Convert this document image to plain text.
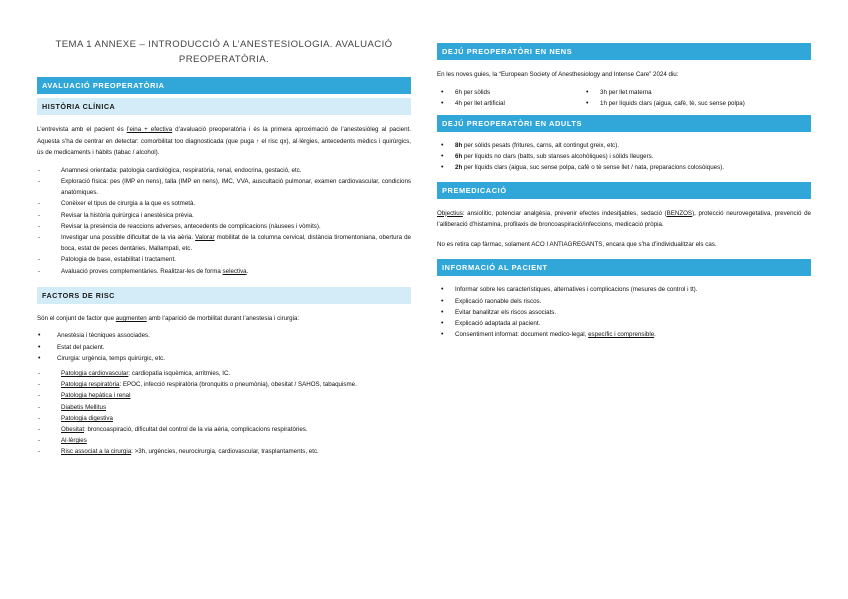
TEMA 1 ANNEXE – INTRODUCCIÓ A L’ANESTESIOLOGIA. AVALUACIÓ PREOPERATÒRIA.
AVALUACIÓ PREOPERATÒRIA
HISTÒRIA CLÍNICA

L’entrevista amb el pacient és l’eina + efectiva d’avaluació preoperatòria i és la primera aproximació de l’anestesiòleg al pacient. Aquesta s’ha de centrar en detectar: comorbilitat too diagnosticada (que puga ↑ el risc qx), al·lèrgies, antecedents mèdics i quirúrgics, ús de medicaments i hàbits (tabac / alcohol).

- Anamnesi orientada: patologia cardiològica, respiratòria, renal, endocrina, gestació, etc.
- Exploració física: pes (IMP en nens), talla (IMP en nens), IMC, VVA, auscultació pulmonar, examen cardiovascular, condicions anatòmiques.
- Conèixer el tipus de cirurgia a la que es sotmetà.
- Revisar la història quirúrgica i anestèsica prèvia.
- Revisar la presència de reaccions adverses, antecedents de complicacions (nàusees i vòmits).
- Investigar una possible dificultat de la via aèria. Valorar mobilitat de la columna cervical, distància tiromentoniana, obertura de boca, estat de peces dentàries, Mallampati, etc.
- Patologia de base, estabilitat i tractament.
- Avaluació proves complementàries. Realitzar-les de forma selectiva.
FACTORS DE RISC

Són el conjunt de factor que augmenten amb l’aparició de morbilitat durant l’anestesia i cirurgia:

• Anestèsia i tècniques associades.
• Estat del pacient.
• Cirurgia: urgència, temps quirúrgic, etc.
- Patologia cardiovascular: cardiopatia isquèmica, arritmies, IC.
- Patologia respiratòria: EPOC, infecció respiratòria (bronquitis o pneumònia), obesitat / SAHOS, tabaquisme.
- Patologia hepàtica i renal
- Diabetis Mellitus
- Patologia digestiva
- Obesitat: broncoaspiració, dificultat del control de la via aèria, complicacions respiratòries.
- Al·lèrgies
- Risc associat a la cirurgia: >3h, urgències, neurocirurgia, cardiovascular, trasplantaments, etc.
DEJÚ PREOPERATÒRI EN NENS

En les noves guies, la “European Society of Anesthesiology and Intense Care” 2024 diu:

• 6h per sòlids
• 4h per llet artificial
• 3h per llet materna
• 1h per líquids clars (aigua, cafè, tè, suc sense polpa)
DEJÚ PREOPERATÒRI EN ADULTS
• 8h per sòlids pesats (fritures, carns, alt contingut greix, etc).
• 6h per líquids no clars (batts, sub stanses alcohòliques) i sòlids lleugers.
• 2h per líquids clars (aigua, suc sense polpa, cafè o tè sense llet / nata, preparacions colosòiques).
PREMEDICACIÓ

Objectius: ansiolític, potenciar analgèsia, prevenir efectes indesitjables, sedació (BENZOS), protecció neurovegetativa, prevenció de l’alliberació d’histamina, profilaxis de broncoaspiració/infeccions, medicació pròpia.

No es retira cap fàrmac, solament ACO I ANTIAGREGANTS, encara que s’ha d’individualitzar els cas.

INFORMACIÓ AL PACIENT
• Informar sobre les característiques, alternatives i complicacions (mesures de control i tt).
• Explicació raonable dels riscos.
• Evitar banalitzar els riscos associats.
• Explicació adaptada al pacient.
• Consentiment informat: document medico-legal, específic i comprensible.
